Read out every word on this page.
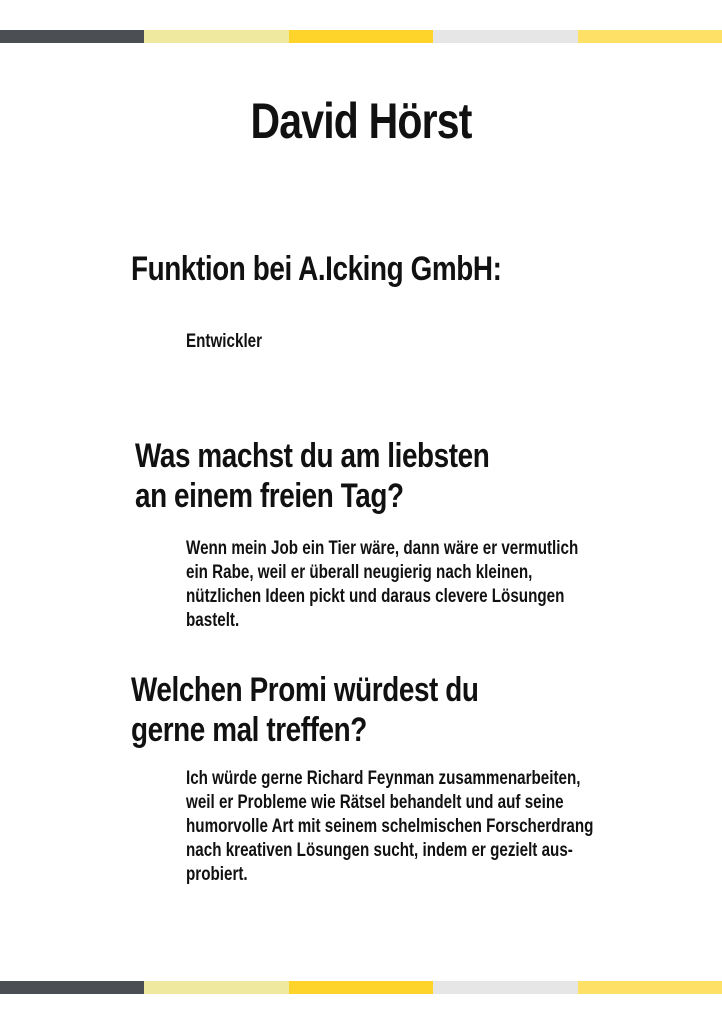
David Hörst
Funktion bei A.Icking GmbH:

Entwickler

Was machst du am liebsten
an einem freien Tag?

Wenn mein Job ein Tier wäre, dann wäre er vermutlich
ein Rabe, weil er überall neugierig nach kleinen,
nützlichen Ideen pickt und daraus clevere Lösungen
bastelt.

Welchen Promi würdest du
gerne mal treffen?

Ich würde gerne Richard Feynman zusammenarbeiten,
weil er Probleme wie Rätsel behandelt und auf seine
humorvolle Art mit seinem schelmischen Forscherdrang
nach kreativen Lösungen sucht, indem er gezielt aus-
probiert.
